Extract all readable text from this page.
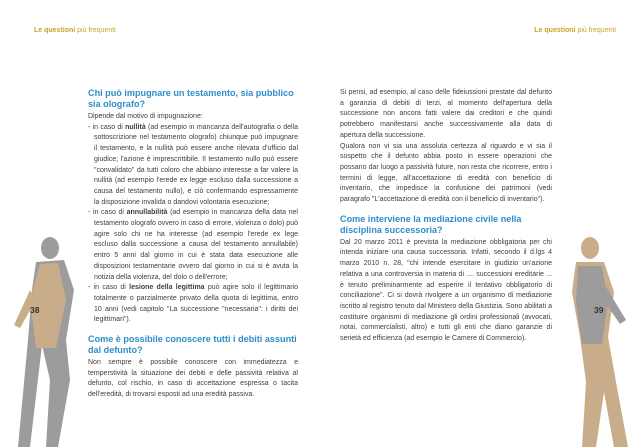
Le questioni più frequenti	Le questioni più frequenti
38	39
Chi può impugnare un testamento, sia pubblico sia olografo?

Dipende dal motivo di impugnazione:

- in caso di nullità (ad esempio in mancanza dell'autografia o della sottoscrizione nel testamento olografo) chiunque può impugnare il testamento, e la nullità può essere anche rilevata d'ufficio dal giudice; l'azione è imprescrittibile. Il testamento nullo può essere "convalidato" da tutti coloro che abbiano interesse a far valere la nullità (ad esempio l'erede ex legge escluso dalla successione a causa del testamento nullo), e ciò confermando espressamente la disposizione invalida o dandovi volontaria esecuzione;

- in caso di annullabilità (ad esempio in mancanza della data nel testamento olografo ovvero in caso di errore, violenza o dolo) può agire solo chi ne ha interesse (ad esempio l'erede ex lege escluso dalla successione a causa del testamento annullabile) entro 5 anni dal giorno in cui è stata data esecuzione alle disposizioni testamentarie ovvero dal giorno in cui si è avuta la notizia della violenza, del dolo o dell'errore;

- in caso di lesione della legittima può agire solo il legittimario totalmente o parzialmente privato della quota di legittima, entro 10 anni (vedi capitolo "La successione "necessaria": i diritti dei legittimari").

Come è possibile conoscere tutti i debiti assunti dal defunto?

Non sempre è possibile conoscere con immediatezza e temperstività la situazione dei debiti e delle passività relativa al defunto, col rischio, in caso di accettazione espressa o tacita dell'eredità, di trovarsi esposti ad una eredità passiva.

Si pensi, ad esempio, al caso delle fideiussioni prestate dal defunto a garanzia di debiti di terzi, al momento dell'apertura della successione non ancora fatti valere dai creditori e che quindi potrebbero manifestarsi anche successivamente alla data di apertura della successione.

Qualora non vi sia una assoluta certezza al riguardo e vi sia il sospetto che il defunto abbia posto in essere operazioni che possano dar luogo a passività future, non resta che ricorrere, entro i termini di legge, all'accettazione di eredità con beneficio di inventario, che impedisce la confusione dei patrimoni (vedi paragrafo "L'accettazione di eredità con il beneficio di inventario").

Come interviene la mediazione civile nella disciplina successoria?

Dal 20 marzo 2011 è prevista la mediazione obbligatoria per chi intenda iniziare una causa successoria. Infatti, secondo il d.lgs 4 marzo 2010 n. 28, "chi intende esercitare in giudizio un'azione relativa a una controversia in materia di .... successioni ereditarie ... è tenuto preliminarmente ad esperire il tentativo obbligatorio di conciliazione". Ci si dovrà rivolgere a un organismo di mediazione iscritto al registro tenuto dal Ministero della Giustizia. Sono abilitati a costituire organismi di mediazione gli ordini professionali (avvocati, notai, commercialisti, altro) e tutti gli enti che diano garanzie di serietà ed efficienza (ad esempio le Camere di Commercio).
